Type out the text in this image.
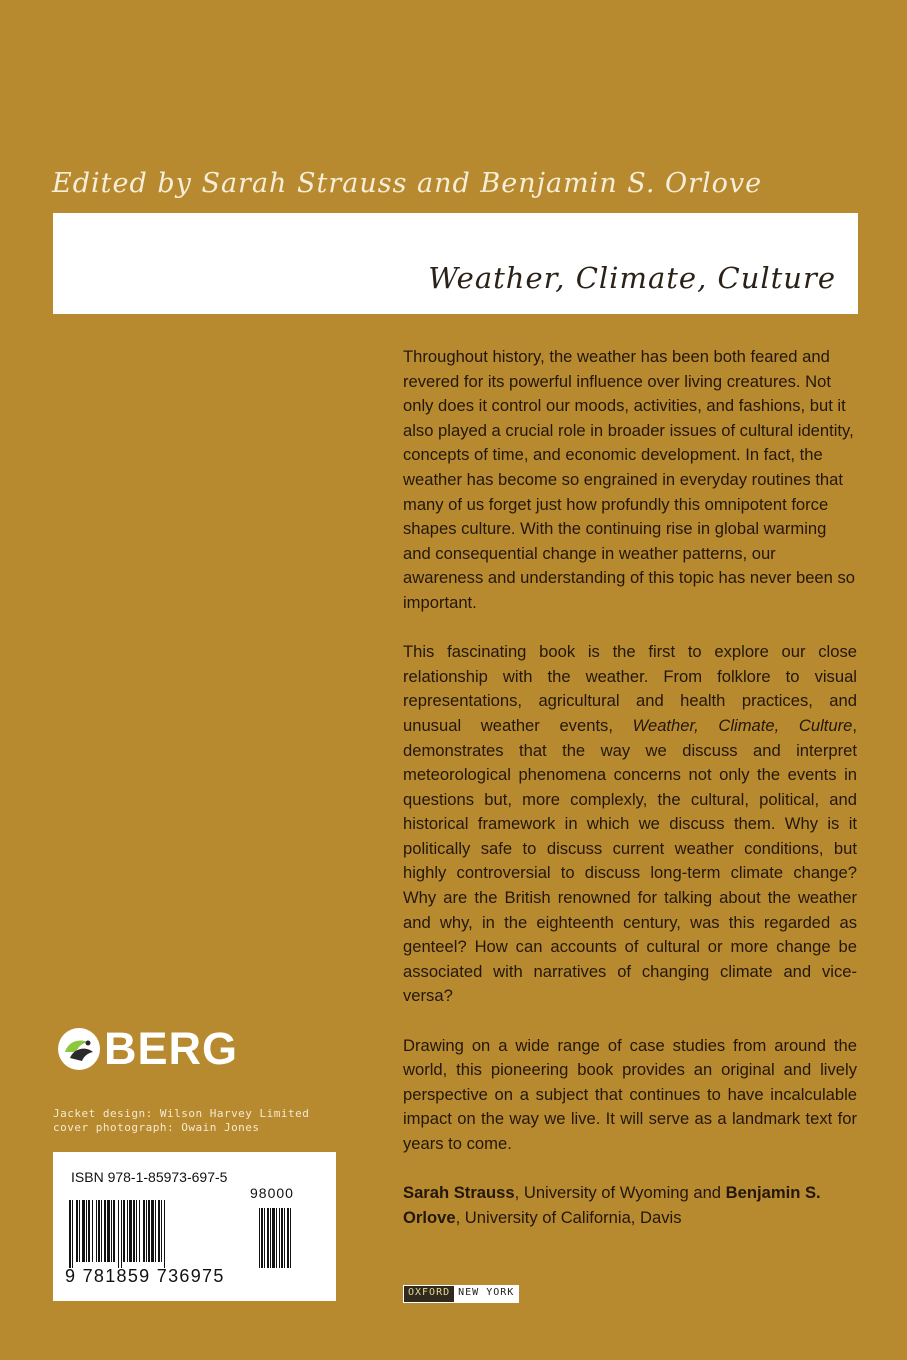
Edited by Sarah Strauss and Benjamin S. Orlove
Weather, Climate, Culture

Throughout history, the weather has been both feared and revered for its powerful influence over living creatures. Not only does it control our moods, activities, and fashions, but it also played a crucial role in broader issues of cultural identity, concepts of time, and economic development. In fact, the weather has become so engrained in everyday routines that many of us forget just how profundly this omnipotent force shapes culture. With the continuing rise in global warming and consequential change in weather patterns, our awareness and understanding of this topic has never been so important.

This fascinating book is the first to explore our close relationship with the weather. From folklore to visual representations, agricultural and health practices, and unusual weather events, Weather, Climate, Culture, demonstrates that the way we discuss and interpret meteorological phenomena concerns not only the events in questions but, more complexly, the cultural, political, and historical framework in which we discuss them. Why is it politically safe to discuss current weather conditions, but highly controversial to discuss long-term climate change? Why are the British renowned for talking about the weather and why, in the eighteenth century, was this regarded as genteel? How can accounts of cultural or more change be associated with narratives of changing climate and vice-versa?

Drawing on a wide range of case studies from around the world, this pioneering book provides an original and lively perspective on a subject that continues to have incalculable impact on the way we live. It will serve as a landmark text for years to come.

Sarah Strauss, University of Wyoming and Benjamin S. Orlove, University of California, Davis

BERG
Jacket design: Wilson Harvey Limited
cover photograph: Owain Jones
ISBN 978-1-85973-697-5
98000
9 781859 736975
OXFORD NEW YORK
